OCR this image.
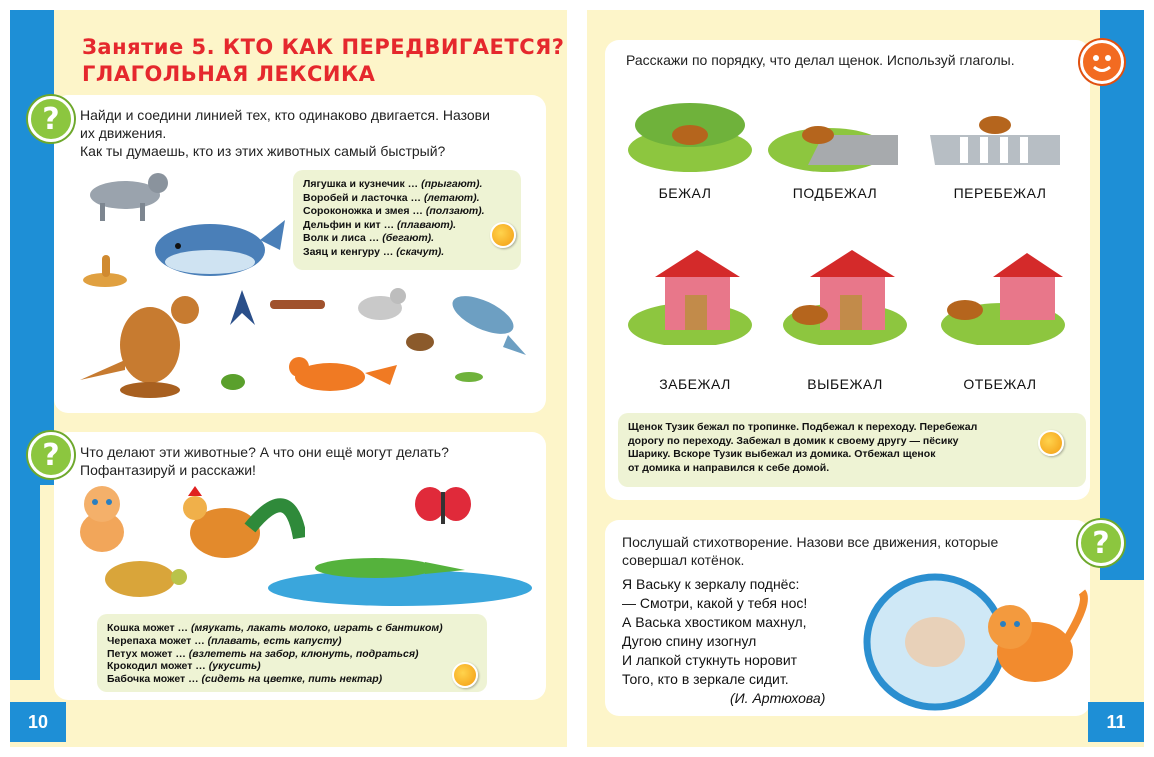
Занятие 5. КТО КАК ПЕРЕДВИГАЕТСЯ?
ГЛАГОЛЬНАЯ ЛЕКСИКА
?	Найди и соедини линией тех, кто одинаково двигается. Назови
их движения.
Как ты думаешь, кто из этих животных самый быстрый?
Лягушка и кузнечик … (прыгают).
Воробей и ласточка … (летают).
Сороконожка и змея … (ползают).
Дельфин и кит … (плавают).
Волк и лиса … (бегают).
Заяц и кенгуру … (скачут).
?	Что делают эти животные? А что они ещё могут делать?
Пофантазируй и расскажи!
Кошка может … (мяукать, лакать молоко, играть с бантиком)
Черепаха может … (плавать, есть капусту)
Петух может … (взлететь на забор, клюнуть, подраться)
Крокодил может … (укусить)
Бабочка может … (сидеть на цветке, пить нектар)
10
Расскажи по порядку, что делал щенок. Используй глаголы.
БЕЖАЛ	ПОДБЕЖАЛ	ПЕРЕБЕЖАЛ
ЗАБЕЖАЛ	ВЫБЕЖАЛ	ОТБЕЖАЛ
Щенок Тузик бежал по тропинке. Подбежал к переходу. Перебежал
дорогу по переходу. Забежал в домик к своему другу — пёсику
Шарику. Вскоре Тузик выбежал из домика. Отбежал щенок
от домика и направился к себе домой.
?
Послушай стихотворение. Назови все движения, которые
совершал котёнок.
Я Ваську к зеркалу поднёс:
— Смотри, какой у тебя нос!
А Васька хвостиком махнул,
Дугою спину изогнул
И лапкой стукнуть норовит
Того, кто в зеркале сидит.
(И. Артюхова)
11
